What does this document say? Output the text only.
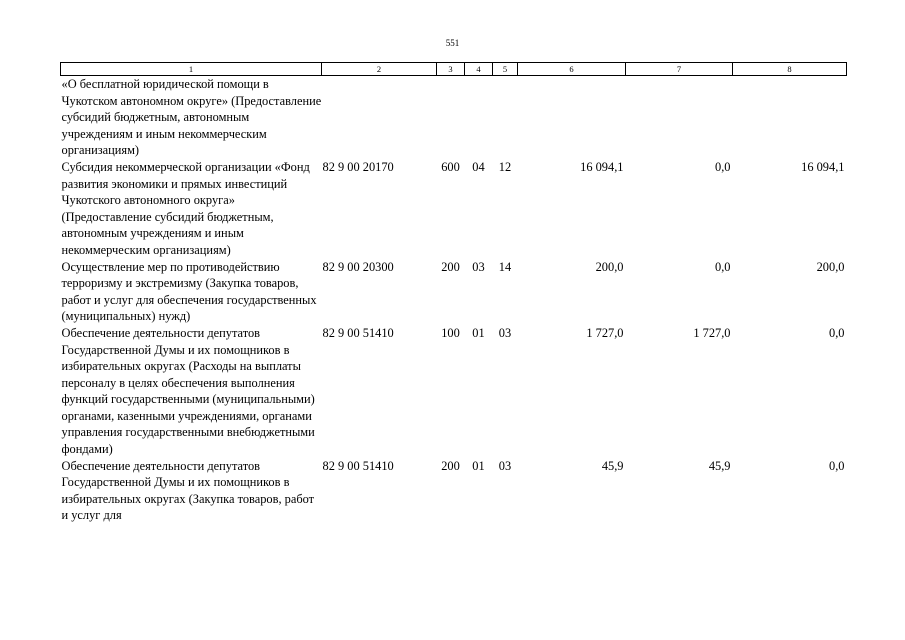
551
1	2	3	4	5	6	7	8
«О бесплатной юридической помощи в Чукотском автономном округе» (Предоставление субсидий бюджетным, автономным учреждениям и иным некоммерческим организациям)							
Субсидия некоммерческой организации «Фонд развития экономики и прямых инвестиций Чукотского автономного округа» (Предоставление субсидий бюджетным, автономным учреждениям и иным некоммерческим организациям)	82 9 00 20170	600	04	12	16 094,1	0,0	16 094,1
Осуществление мер по противодействию терроризму и экстремизму (Закупка товаров, работ и услуг для обеспечения государственных (муниципальных) нужд)	82 9 00 20300	200	03	14	200,0	0,0	200,0
Обеспечение деятельности депутатов Государственной Думы и их помощников в избирательных округах (Расходы на выплаты персоналу в целях обеспечения выполнения функций государственными (муниципальными) органами, казенными учреждениями, органами управления государственными внебюджетными фондами)	82 9 00 51410	100	01	03	1 727,0	1 727,0	0,0
Обеспечение деятельности депутатов Государственной Думы и их помощников в избирательных округах (Закупка товаров, работ и услуг для	82 9 00 51410	200	01	03	45,9	45,9	0,0
